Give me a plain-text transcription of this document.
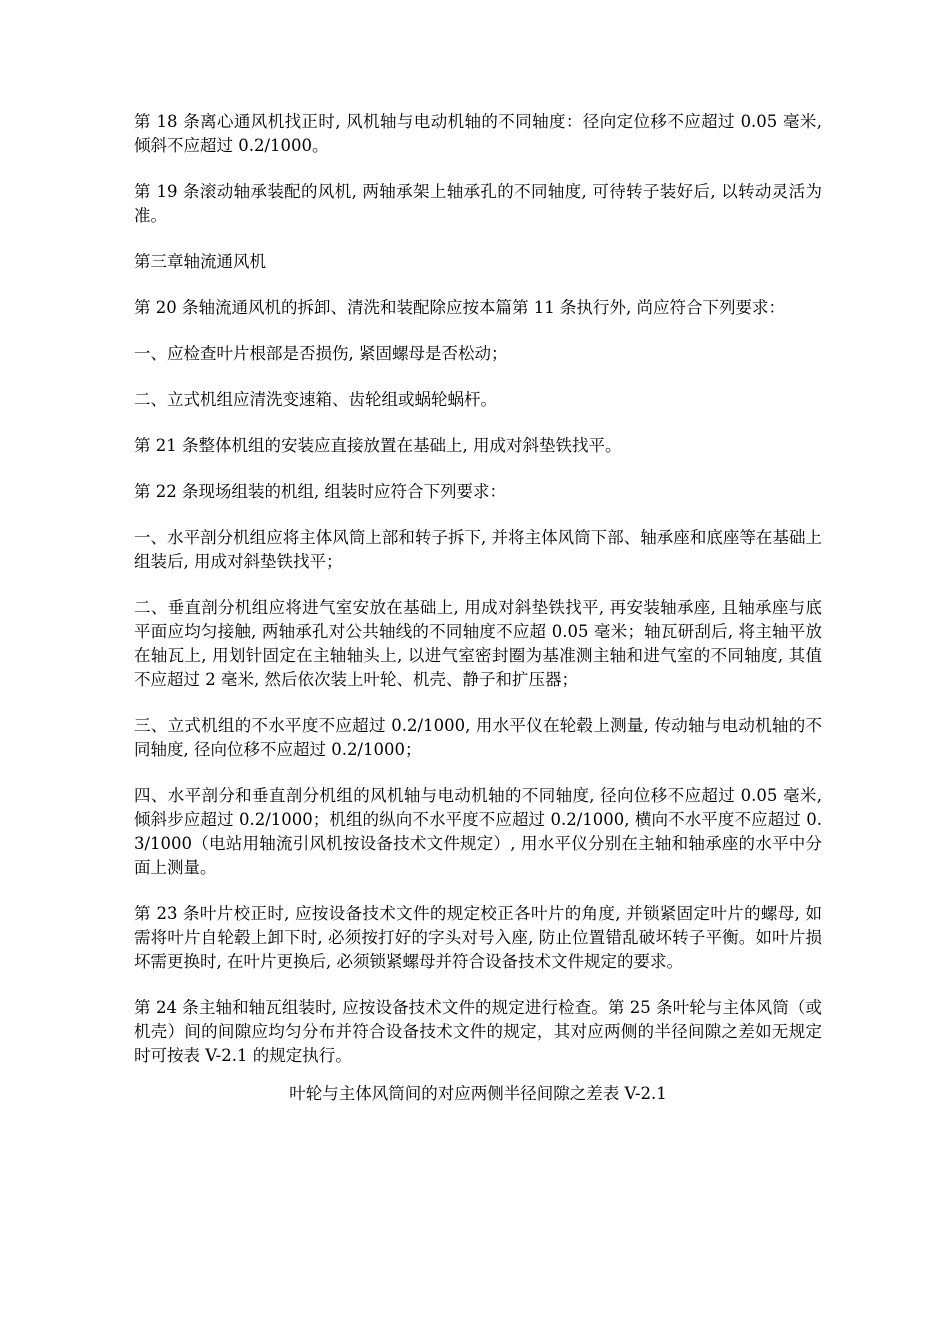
第 18 条离心通风机找正时, 风机轴与电动机轴的不同轴度：径向定位移不应超过 0.05 毫米, 倾斜不应超过 0.2/1000。

第 19 条滚动轴承装配的风机, 两轴承架上轴承孔的不同轴度, 可待转子装好后, 以转动灵活为准。

第三章轴流通风机

第 20 条轴流通风机的拆卸、清洗和装配除应按本篇第 11 条执行外, 尚应符合下列要求：

一、应检查叶片根部是否损伤, 紧固螺母是否松动；

二、立式机组应清洗变速箱、齿轮组或蜗轮蜗杆。

第 21 条整体机组的安装应直接放置在基础上, 用成对斜垫铁找平。

第 22 条现场组装的机组, 组装时应符合下列要求：

一、水平剖分机组应将主体风筒上部和转子拆下, 并将主体风筒下部、轴承座和底座等在基础上组装后, 用成对斜垫铁找平；

二、垂直剖分机组应将进气室安放在基础上, 用成对斜垫铁找平, 再安装轴承座, 且轴承座与底平面应均匀接触, 两轴承孔对公共轴线的不同轴度不应超 0.05 毫米；轴瓦研刮后, 将主轴平放在轴瓦上, 用划针固定在主轴轴头上, 以进气室密封圈为基准测主轴和进气室的不同轴度, 其值不应超过 2 毫米, 然后依次装上叶轮、机壳、静子和扩压器；

三、立式机组的不水平度不应超过 0.2/1000, 用水平仪在轮毂上测量, 传动轴与电动机轴的不同轴度, 径向位移不应超过 0.2/1000；

四、水平剖分和垂直剖分机组的风机轴与电动机轴的不同轴度, 径向位移不应超过 0.05 毫米, 倾斜步应超过 0.2/1000；机组的纵向不水平度不应超过 0.2/1000, 横向不水平度不应超过 0.3/1000（电站用轴流引风机按设备技术文件规定）, 用水平仪分别在主轴和轴承座的水平中分面上测量。

第 23 条叶片校正时, 应按设备技术文件的规定校正各叶片的角度, 并锁紧固定叶片的螺母, 如需将叶片自轮毂上卸下时, 必须按打好的字头对号入座, 防止位置错乱破坏转子平衡。如叶片损坏需更换时, 在叶片更换后, 必须锁紧螺母并符合设备技术文件规定的要求。

第 24 条主轴和轴瓦组装时, 应按设备技术文件的规定进行检查。第 25 条叶轮与主体风筒（或机壳）间的间隙应均匀分布并符合设备技术文件的规定，其对应两侧的半径间隙之差如无规定时可按表 V-2.1 的规定执行。

叶轮与主体风筒间的对应两侧半径间隙之差表 V-2.1
